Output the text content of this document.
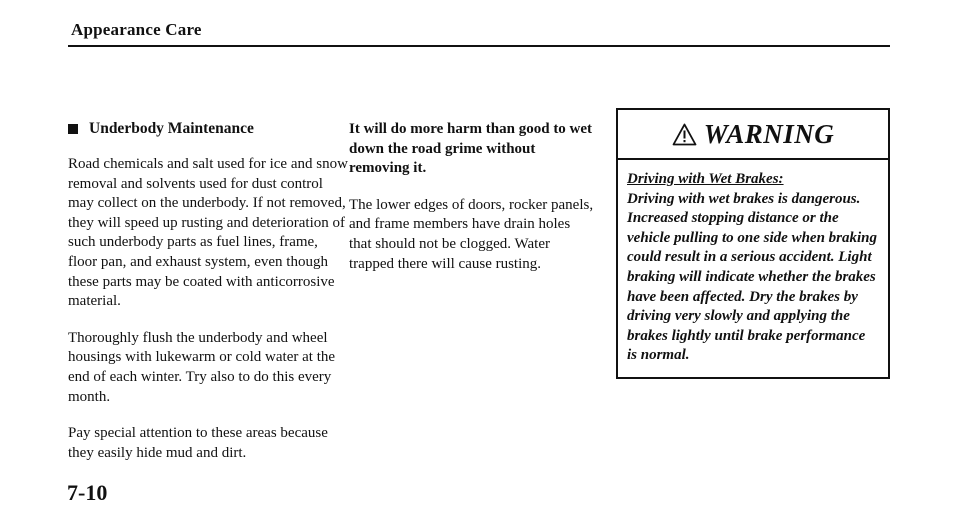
Appearance Care
Underbody Maintenance

Road chemicals and salt used for ice and snow removal and solvents used for dust control may collect on the underbody. If not removed, they will speed up rusting and deterioration of such underbody parts as fuel lines, frame, floor pan, and exhaust system, even though these parts may be coated with anticorrosive material.

Thoroughly flush the underbody and wheel housings with lukewarm or cold water at the end of each winter. Try also to do this every month.

Pay special attention to these areas because they easily hide mud and dirt.

It will do more harm than good to wet down the road grime without removing it.

The lower edges of doors, rocker panels, and frame members have drain holes that should not be clogged. Water trapped there will cause rusting.

WARNING
Driving with Wet Brakes:
Driving with wet brakes is dangerous. Increased stopping distance or the vehicle pulling to one side when braking could result in a serious accident. Light braking will indicate whether the brakes have been affected. Dry the brakes by driving very slowly and applying the brakes lightly until brake performance is normal.
7-10
